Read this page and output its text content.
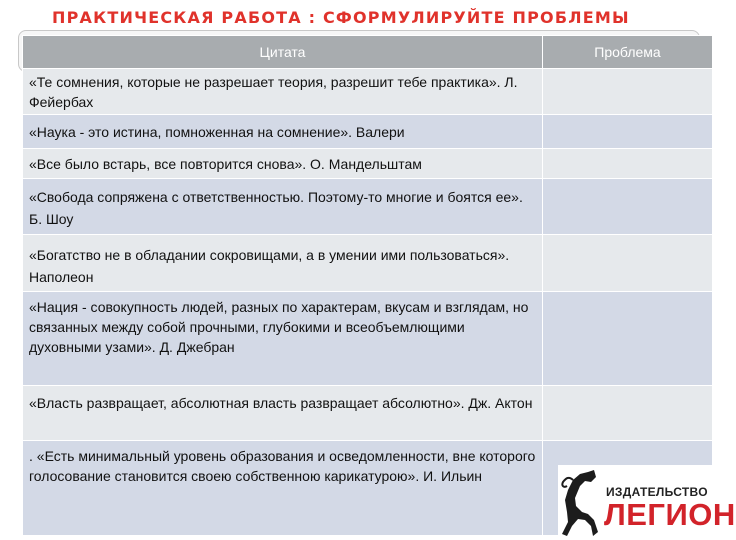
ПРАКТИЧЕСКАЯ РАБОТА : СФОРМУЛИРУЙТЕ ПРОБЛЕМЫ
Цитата	Проблема
«Те сомнения, которые не разрешает теория, разрешит тебе практика». Л. Фейербах	
«Наука - это истина, помноженная на сомнение». Валери	
«Все было встарь, все повторится снова». О. Мандельштам	
«Свобода сопряжена с ответственностью. Поэтому-то многие и боятся ее». Б. Шоу	
«Богатство не в обладании сокровищами, а в умении ими пользоваться». Наполеон	
«Нация - совокупность людей, разных по характерам, вкусам и взглядам, но связанных между собой прочными, глубокими и всеобъемлющими духовными узами». Д. Джебран	
«Власть развращает, абсолютная власть развращает абсолютно». Дж. Актон	
. «Есть минимальный уровень образования и осведомленности, вне которого голосование становится своею собственною карикатурою». И. Ильин	
ИЗДАТЕЛЬСТВО
ЛЕГИОН
